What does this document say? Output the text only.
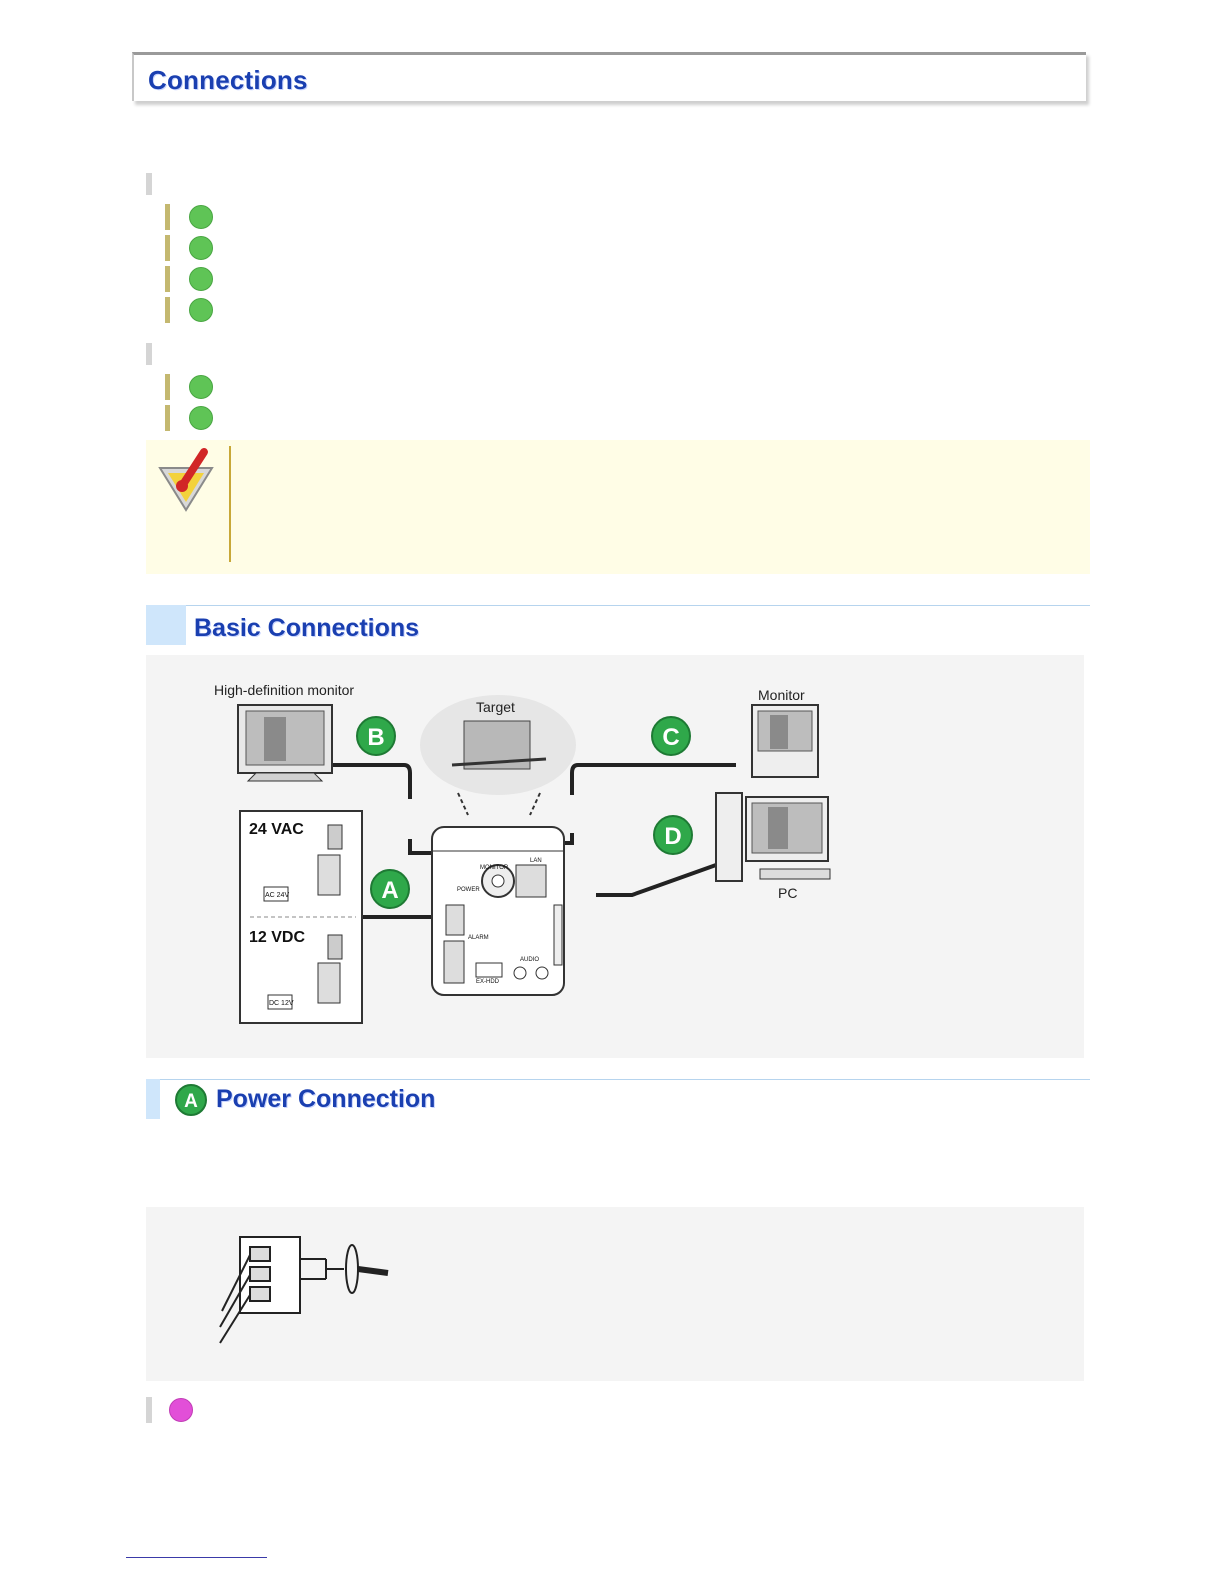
Connections
Basic Connections
High-definition monitor
Target
Monitor
PC
24 VAC
12 VDC
AC 24V
DC 12V
MONITOR
LAN
POWER
ALARM
AUDIO
EX-HDD
B	C
D
A
A Power Connection
